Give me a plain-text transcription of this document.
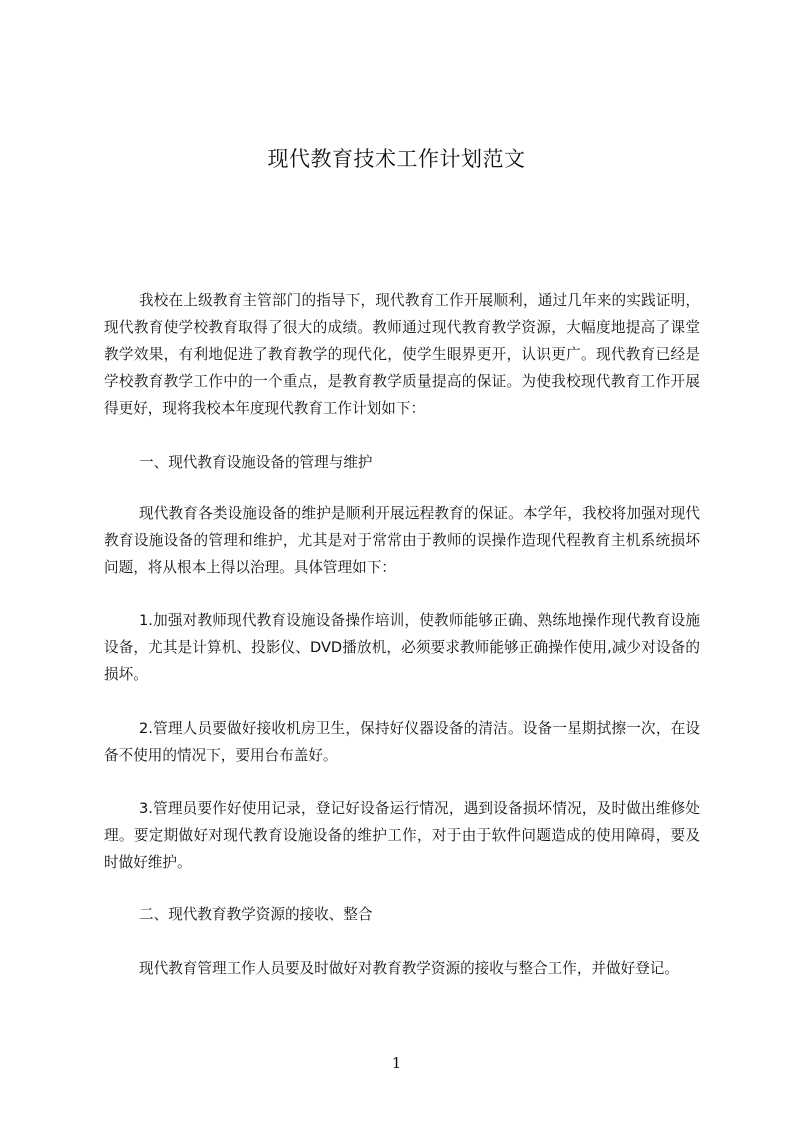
现代教育技术工作计划范文

我校在上级教育主管部门的指导下，现代教育工作开展顺利，通过几年来的实践证明，现代教育使学校教育取得了很大的成绩。教师通过现代教育教学资源，大幅度地提高了课堂教学效果，有利地促进了教育教学的现代化，使学生眼界更开，认识更广。现代教育已经是学校教育教学工作中的一个重点，是教育教学质量提高的保证。为使我校现代教育工作开展得更好，现将我校本年度现代教育工作计划如下：

一、现代教育设施设备的管理与维护

现代教育各类设施设备的维护是顺利开展远程教育的保证。本学年，我校将加强对现代教育设施设备的管理和维护，尤其是对于常常由于教师的误操作造现代程教育主机系统损坏问题，将从根本上得以治理。具体管理如下：

1.加强对教师现代教育设施设备操作培训，使教师能够正确、熟练地操作现代教育设施设备，尤其是计算机、投影仪、DVD播放机，必须要求教师能够正确操作使用,减少对设备的损坏。

2.管理人员要做好接收机房卫生，保持好仪器设备的清洁。设备一星期拭擦一次，在设备不使用的情况下，要用台布盖好。

3.管理员要作好使用记录，登记好设备运行情况，遇到设备损坏情况，及时做出维修处理。要定期做好对现代教育设施设备的维护工作，对于由于软件问题造成的使用障碍，要及时做好维护。

二、现代教育教学资源的接收、整合

现代教育管理工作人员要及时做好对教育教学资源的接收与整合工作，并做好登记。

1
